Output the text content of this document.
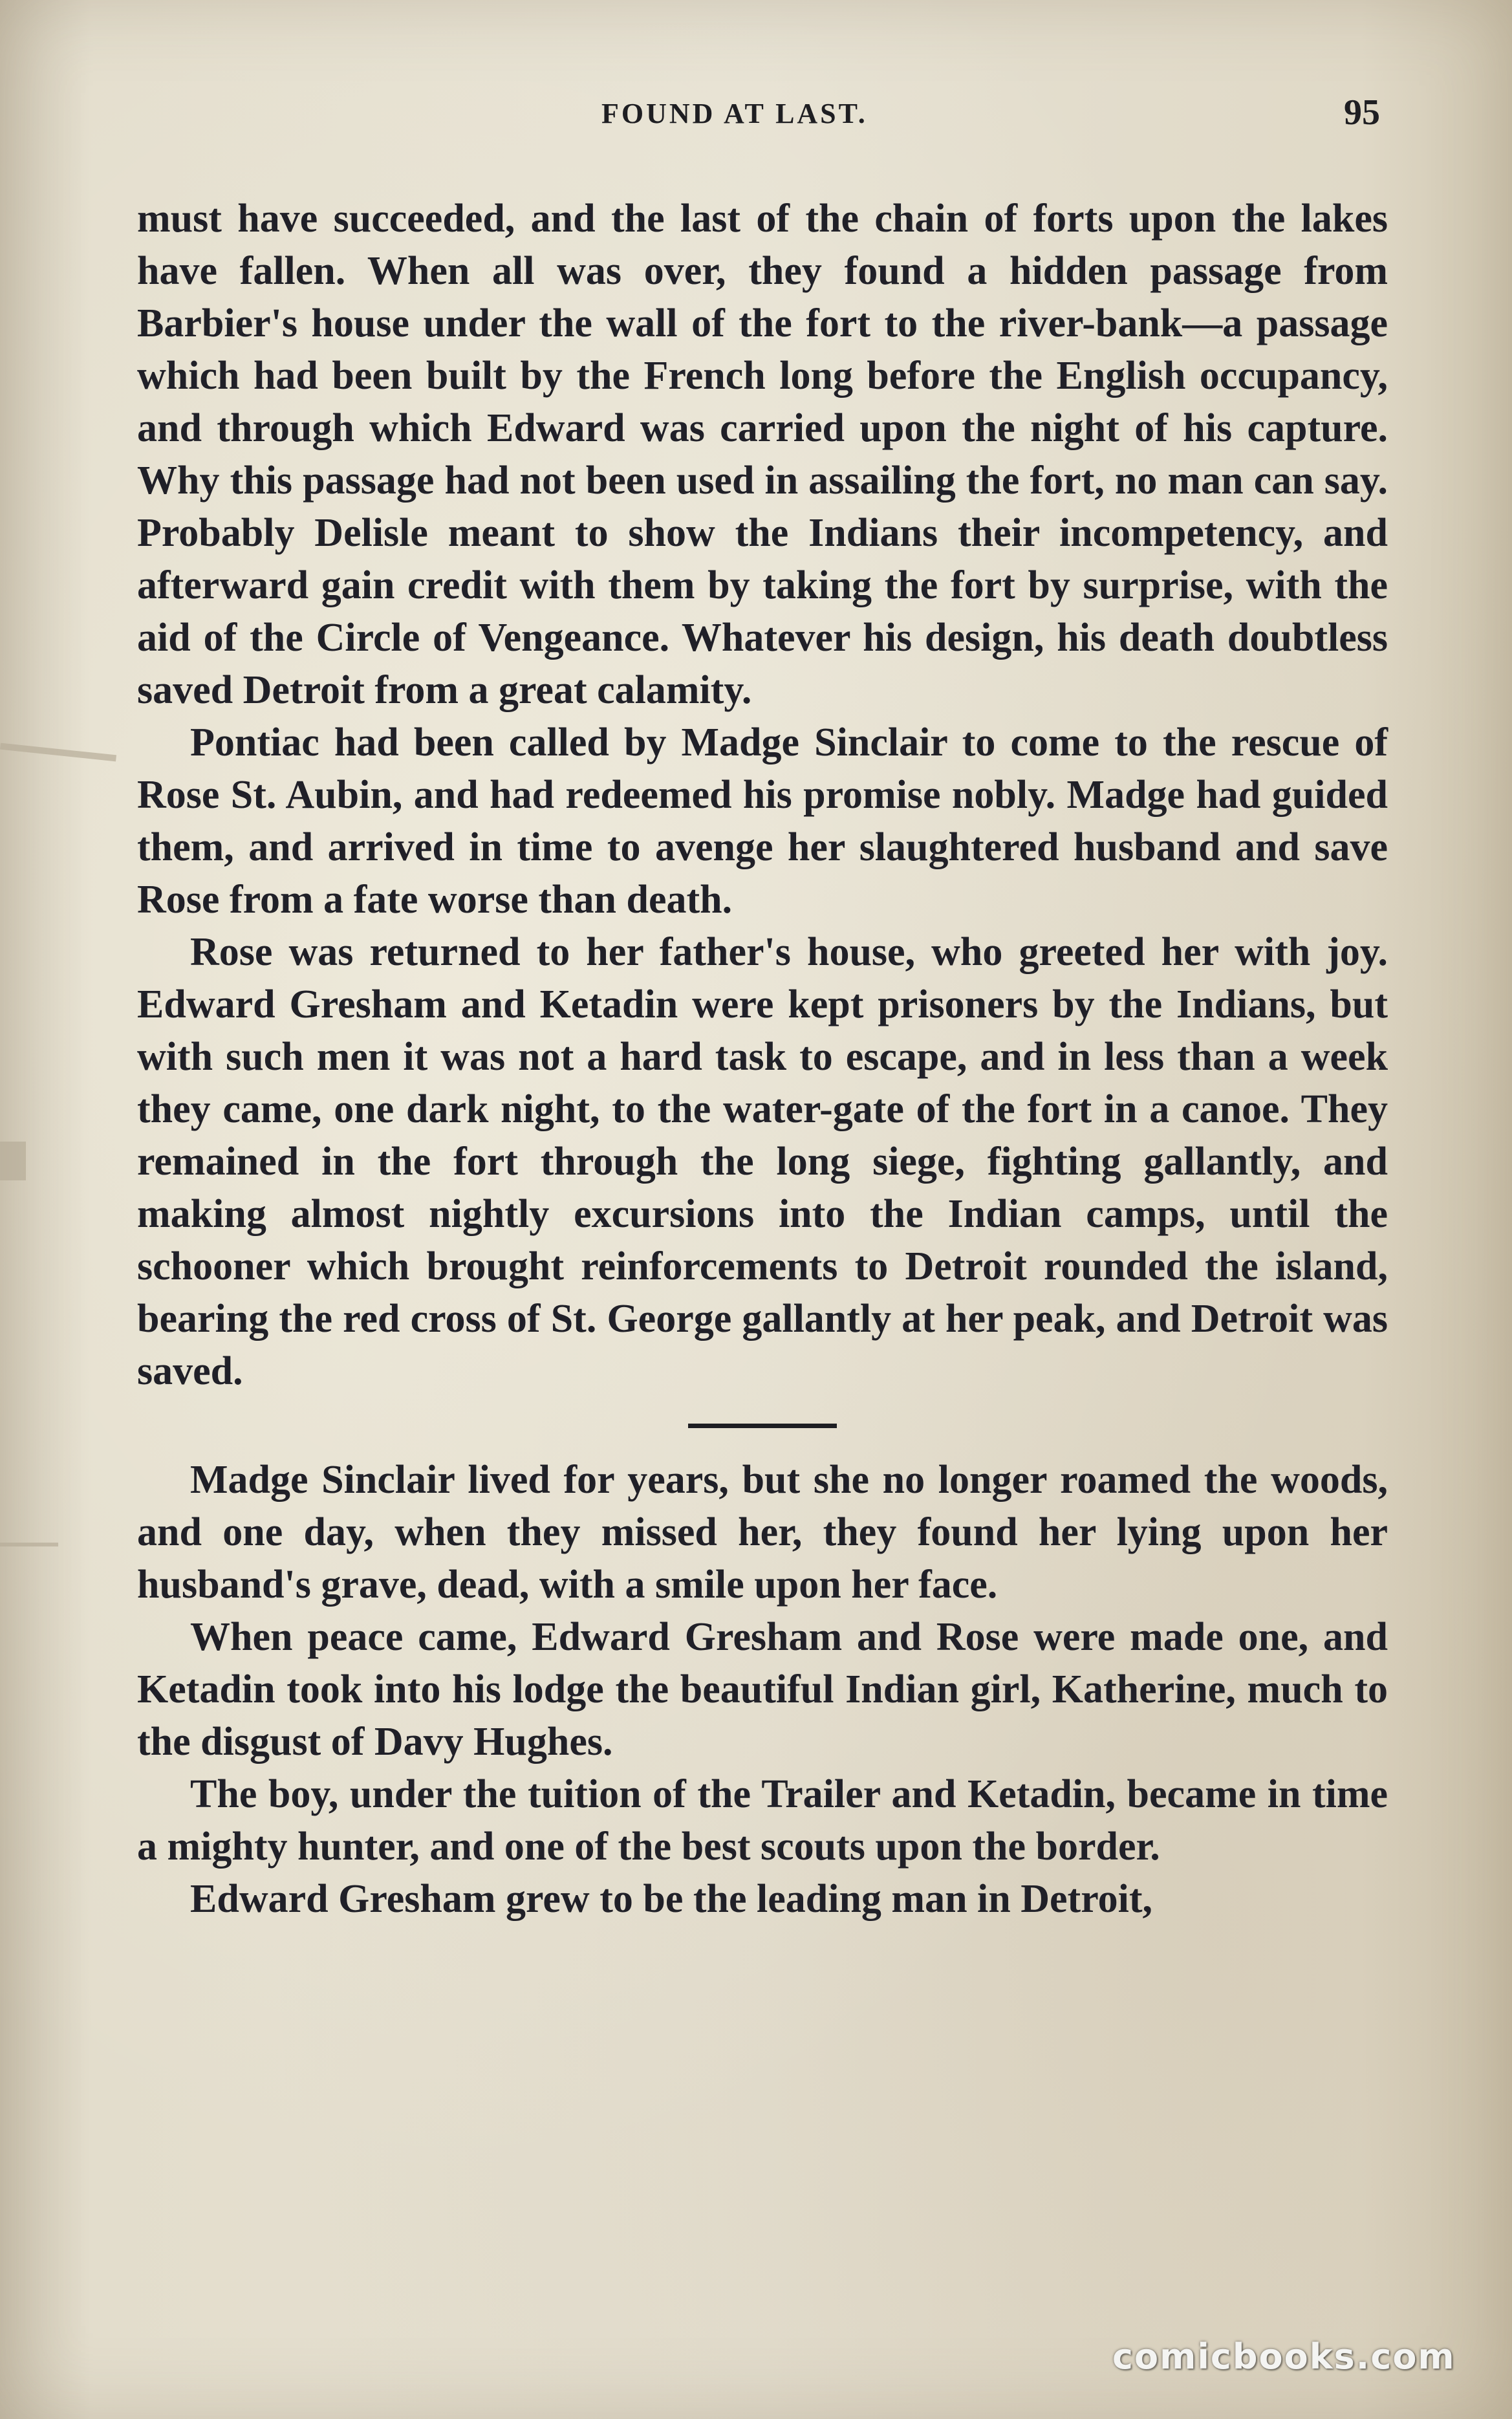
FOUND AT LAST.	95

must have succeeded, and the last of the chain of forts upon the lakes have fallen. When all was over, they found a hidden passage from Barbier's house under the wall of the fort to the river-bank—a passage which had been built by the French long before the English occupancy, and through which Edward was carried upon the night of his capture. Why this passage had not been used in assailing the fort, no man can say. Probably Delisle meant to show the Indians their incompetency, and afterward gain credit with them by taking the fort by surprise, with the aid of the Circle of Vengeance. Whatever his design, his death doubtless saved Detroit from a great calamity.

Pontiac had been called by Madge Sinclair to come to the rescue of Rose St. Aubin, and had redeemed his promise nobly. Madge had guided them, and arrived in time to avenge her slaughtered husband and save Rose from a fate worse than death.

Rose was returned to her father's house, who greeted her with joy. Edward Gresham and Ketadin were kept prisoners by the Indians, but with such men it was not a hard task to escape, and in less than a week they came, one dark night, to the water-gate of the fort in a canoe. They remained in the fort through the long siege, fighting gallantly, and making almost nightly excursions into the Indian camps, until the schooner which brought reinforcements to Detroit rounded the island, bearing the red cross of St. George gallantly at her peak, and Detroit was saved.

Madge Sinclair lived for years, but she no longer roamed the woods, and one day, when they missed her, they found her lying upon her husband's grave, dead, with a smile upon her face.

When peace came, Edward Gresham and Rose were made one, and Ketadin took into his lodge the beautiful Indian girl, Katherine, much to the disgust of Davy Hughes.

The boy, under the tuition of the Trailer and Ketadin, became in time a mighty hunter, and one of the best scouts upon the border.

Edward Gresham grew to be the leading man in Detroit,

comicbooks.com
